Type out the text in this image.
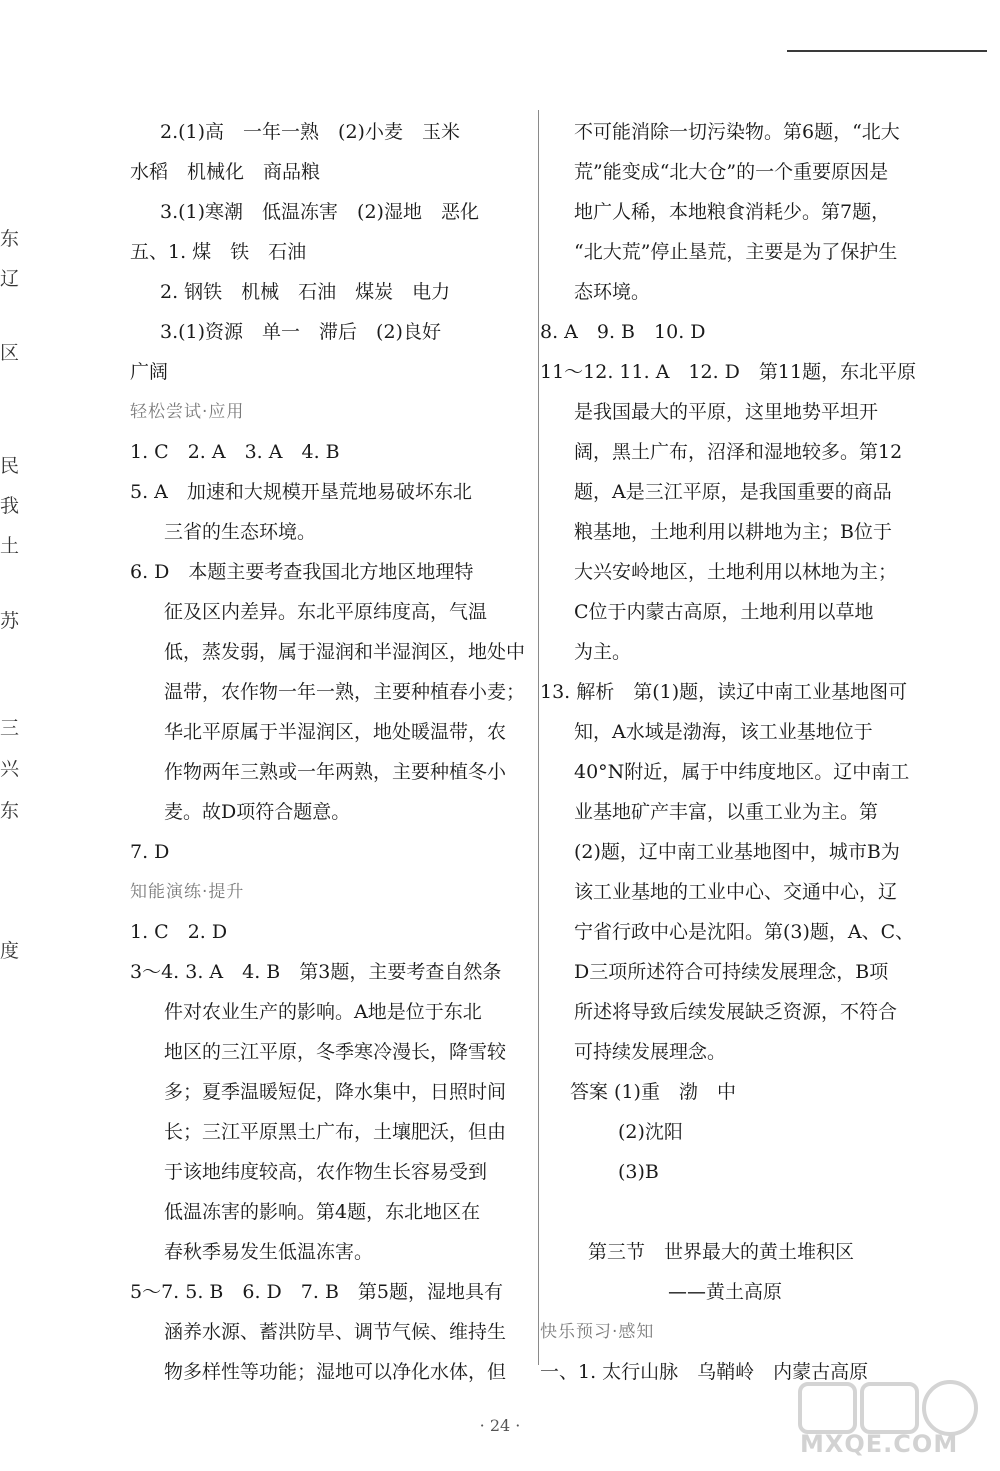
东
辽
区
民
我
土
苏
三
兴
东
度
2.(1)高　一年一熟　(2)小麦　玉米
水稻　机械化　商品粮
3.(1)寒潮　低温冻害　(2)湿地　恶化
五、1. 煤　铁　石油
2. 钢铁　机械　石油　煤炭　电力
3.(1)资源　单一　滞后　(2)良好
广阔
轻松尝试·应用
1. C　2. A　3. A　4. B
5. A　加速和大规模开垦荒地易破坏东北
三省的生态环境。
6. D　本题主要考查我国北方地区地理特
征及区内差异。东北平原纬度高，气温
低，蒸发弱，属于湿润和半湿润区，地处中
温带，农作物一年一熟，主要种植春小麦；
华北平原属于半湿润区，地处暖温带，农
作物两年三熟或一年两熟，主要种植冬小
麦。故D项符合题意。
7. D
知能演练·提升
1. C　2. D
3～4. 3. A　4. B　第3题，主要考查自然条
件对农业生产的影响。A地是位于东北
地区的三江平原，冬季寒冷漫长，降雪较
多；夏季温暖短促，降水集中，日照时间
长；三江平原黑土广布，土壤肥沃，但由
于该地纬度较高，农作物生长容易受到
低温冻害的影响。第4题，东北地区在
春秋季易发生低温冻害。
5～7. 5. B　6. D　7. B　第5题，湿地具有
涵养水源、蓄洪防旱、调节气候、维持生
物多样性等功能；湿地可以净化水体，但
不可能消除一切污染物。第6题，“北大
荒”能变成“北大仓”的一个重要原因是
地广人稀，本地粮食消耗少。第7题，
“北大荒”停止垦荒，主要是为了保护生
态环境。
8. A　9. B　10. D
11～12. 11. A　12. D　第11题，东北平原
是我国最大的平原，这里地势平坦开
阔，黑土广布，沼泽和湿地较多。第12
题，A是三江平原，是我国重要的商品
粮基地，土地利用以耕地为主；B位于
大兴安岭地区，土地利用以林地为主；
C位于内蒙古高原，土地利用以草地
为主。
13. 解析　第(1)题，读辽中南工业基地图可
知，A水域是渤海，该工业基地位于
40°N附近，属于中纬度地区。辽中南工
业基地矿产丰富，以重工业为主。第
(2)题，辽中南工业基地图中，城市B为
该工业基地的工业中心、交通中心，辽
宁省行政中心是沈阳。第(3)题，A、C、
D三项所述符合可持续发展理念，B项
所述将导致后续发展缺乏资源，不符合
可持续发展理念。
答案 (1)重　渤　中
(2)沈阳
(3)B
第三节　世界最大的黄土堆积区
——黄土高原
快乐预习·感知
一、1. 太行山脉　乌鞘岭　内蒙古高原
· 24 ·
MXQE.COM
